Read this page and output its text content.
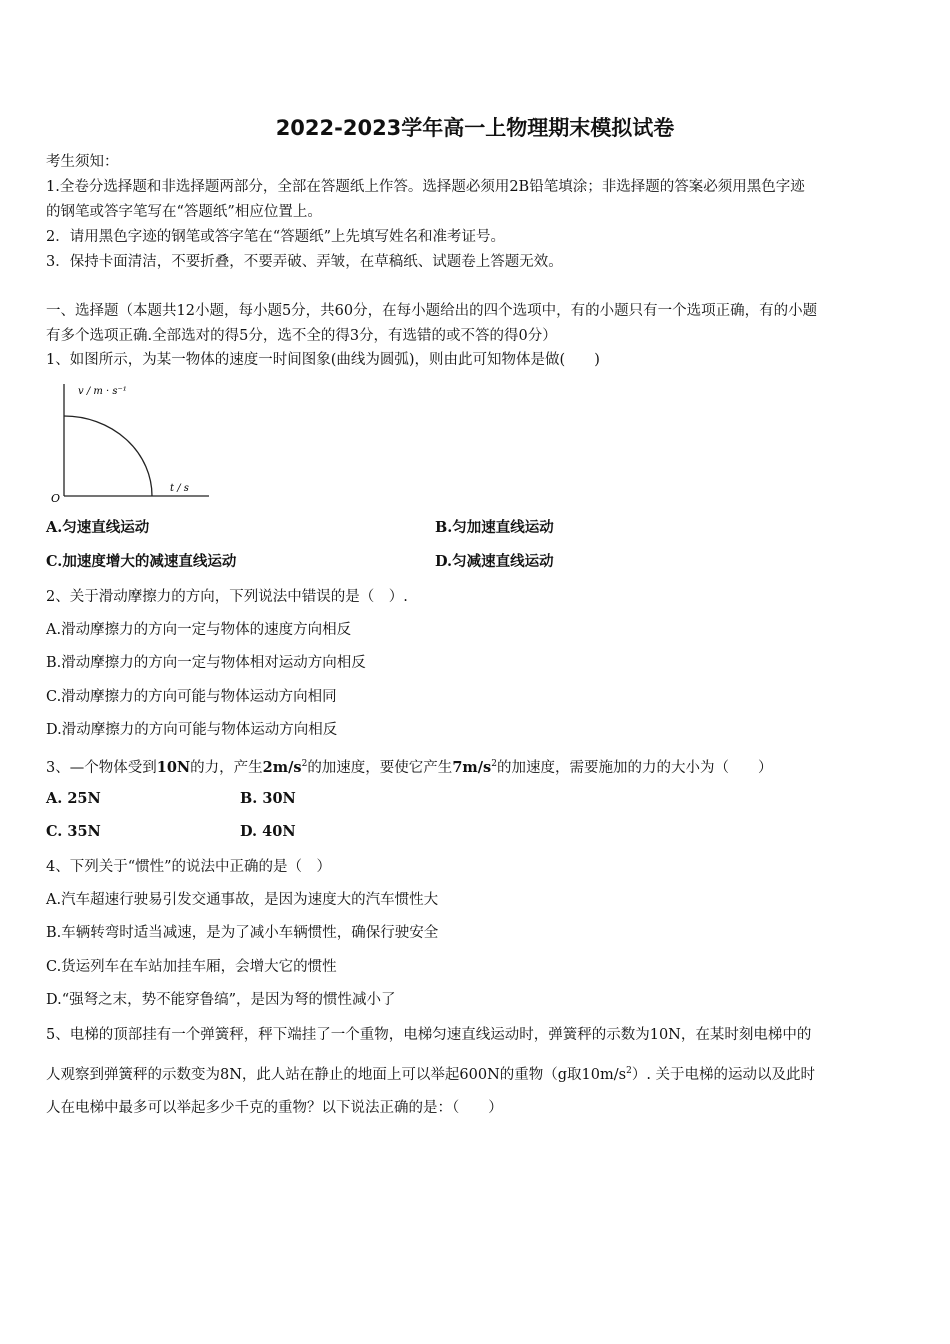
2022-2023学年高一上物理期末模拟试卷
考生须知：
1.全卷分选择题和非选择题两部分，全部在答题纸上作答。选择题必须用2B铅笔填涂；非选择题的答案必须用黑色字迹
的钢笔或答字笔写在“答题纸”相应位置上。
2．请用黑色字迹的钢笔或答字笔在“答题纸”上先填写姓名和准考证号。
3．保持卡面清洁，不要折叠，不要弄破、弄皱，在草稿纸、试题卷上答题无效。
一、选择题（本题共12小题，每小题5分，共60分，在每小题给出的四个选项中，有的小题只有一个选项正确，有的小题
有多个选项正确.全部选对的得5分，选不全的得3分，有选错的或不答的得0分）
1、如图所示，为某一物体的速度一时间图象(曲线为圆弧)，则由此可知物体是做(　　)
v / m · s⁻¹
t / s
O
A.匀速直线运动	B.匀加速直线运动
C.加速度增大的减速直线运动	D.匀减速直线运动
2、关于滑动摩擦力的方向，下列说法中错误的是（　）.
A.滑动摩擦力的方向一定与物体的速度方向相反
B.滑动摩擦力的方向一定与物体相对运动方向相反
C.滑动摩擦力的方向可能与物体运动方向相同
D.滑动摩擦力的方向可能与物体运动方向相反
3、—个物体受到10N的力，产生$2m/s^2$的加速度，要使它产生$7m/s^2$的加速度，需要施加的力的大小为（　　）
A. 25N	B. 30N
C. 35N	D. 40N
4、下列关于“惯性”的说法中正确的是（　）
A.汽车超速行驶易引发交通事故，是因为速度大的汽车惯性大
B.车辆转弯时适当减速，是为了减小车辆惯性，确保行驶安全
C.货运列车在车站加挂车厢，会增大它的惯性
D.“强弩之末，势不能穿鲁缟”，是因为弩的惯性减小了
5、电梯的顶部挂有一个弹簧秤，秤下端挂了一个重物，电梯匀速直线运动时，弹簧秤的示数为10N，在某时刻电梯中的
人观察到弹簧秤的示数变为8N，此人站在静止的地面上可以举起600N的重物（g取$10m/s^2$）. 关于电梯的运动以及此时
人在电梯中最多可以举起多少千克的重物？以下说法正确的是：（　　）
